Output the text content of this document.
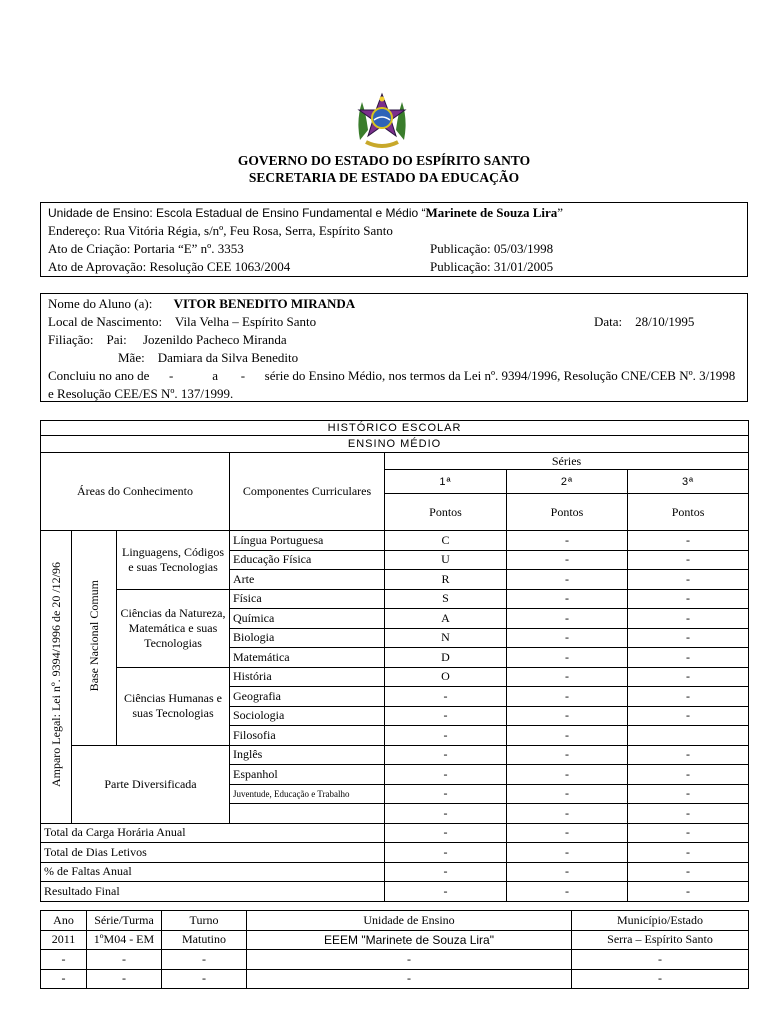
GOVERNO DO ESTADO DO ESPÍRITO SANTO
SECRETARIA DE ESTADO DA EDUCAÇÃO
Unidade de Ensino: Escola Estadual de Ensino Fundamental e Médio “Marinete de Souza Lira”
Endereço: Rua Vitória Régia, s/nº, Feu Rosa, Serra, Espírito Santo
Ato de Criação: Portaria “E” nº. 3353	Publicação: 05/03/1998
Ato de Aprovação: Resolução CEE 1063/2004	Publicação: 31/01/2005
Nome do Aluno (a): VITOR BENEDITO MIRANDA
Local de Nascimento:    Vila Velha – Espírito Santo	Data: 28/10/1995
Filiação:    Pai:     Jozenildo Pacheco Miranda
Mãe:    Damiara da Silva Benedito
Concluiu no ano de      -            a       -      série do Ensino Médio, nos termos da Lei nº. 9394/1996, Resolução CNE/CEB Nº. 3/1998 e Resolução CEE/ES Nº. 137/1999.
HISTÓRICO ESCOLAR						
ENSINO MÉDIO						
Áreas do Conhecimento			Componentes Curriculares	Séries		
				1ª	2ª	3ª
				Pontos	Pontos	Pontos
Amparo Legal: Lei nº. 9394/1996 de 20 /12/96	Base Nacional Comum	Linguagens, Códigos e suas Tecnologias	Língua Portuguesa	C	-	-
			Educação Física	U	-	-
			Arte	R	-	-
		Ciências da Natureza, Matemática e suas Tecnologias	Física	S	-	-
			Química	A	-	-
			Biologia	N	-	-
			Matemática	D	-	-
		Ciências Humanas e suas Tecnologias	História	O	-	-
			Geografia	-	-	-
			Sociologia	-	-	-
			Filosofia	-	-	
	Parte Diversificada		Inglês	-	-	-
			Espanhol	-	-	-
			Juventude, Educação e Trabalho	-	-	-
				-	-	-
Total da Carga Horária Anual				-	-	-
Total de Dias Letivos				-	-	-
% de Faltas Anual				-	-	-
Resultado Final				-	-	-
Ano	Série/Turma	Turno	Unidade de Ensino	Município/Estado
2011	1ºM04 - EM	Matutino	EEEM "Marinete de Souza Lira"	Serra – Espírito Santo
-	-	-	-	-
-	-	-	-	-
